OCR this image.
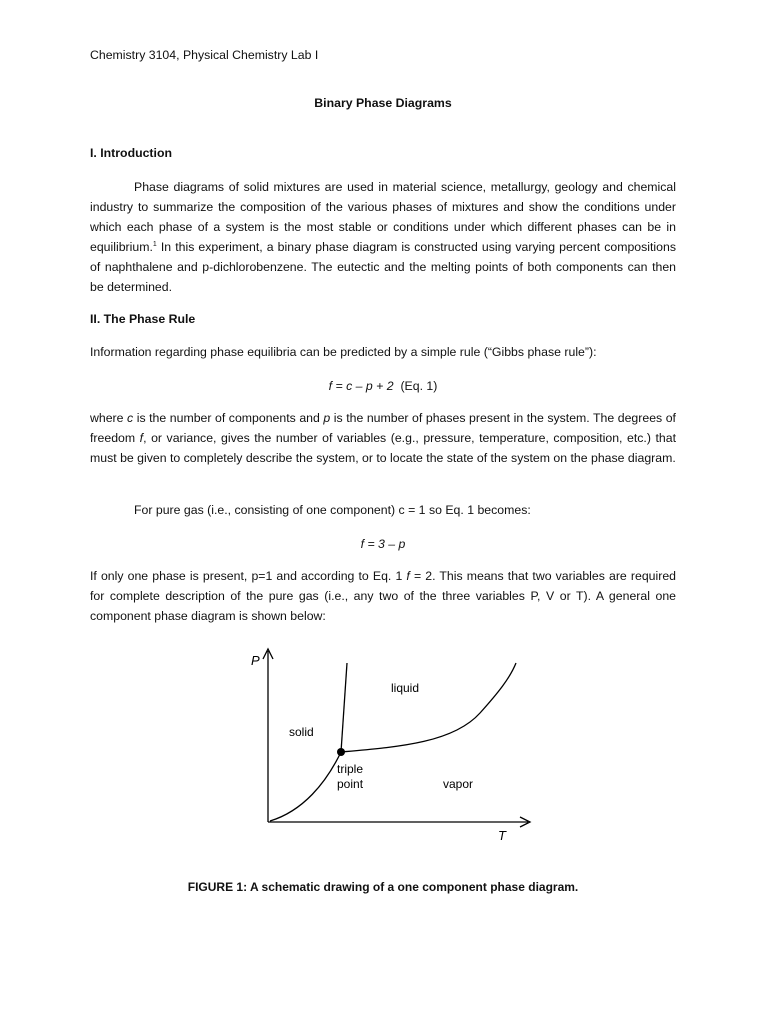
Chemistry 3104, Physical Chemistry Lab I
Binary Phase Diagrams
I. Introduction

Phase diagrams of solid mixtures are used in material science, metallurgy, geology and chemical industry to summarize the composition of the various phases of mixtures and show the conditions under which each phase of a system is the most stable or conditions under which different phases can be in equilibrium.$^1$ In this experiment, a binary phase diagram is constructed using varying percent compositions of naphthalene and p-dichlorobenzene. The eutectic and the melting points of both components can then be determined.

II. The Phase Rule

Information regarding phase equilibria can be predicted by a simple rule (“Gibbs phase rule”):

f = c – p + 2 (Eq. 1)

where c is the number of components and p is the number of phases present in the system. The degrees of freedom f, or variance, gives the number of variables (e.g., pressure, temperature, composition, etc.) that must be given to completely describe the system, or to locate the state of the system on the phase diagram.

For pure gas (i.e., consisting of one component) c = 1 so Eq. 1 becomes:

f = 3 – p

If only one phase is present, p=1 and according to Eq. 1 f = 2. This means that two variables are required for complete description of the pure gas (i.e., any two of the three variables P, V or T). A general one component phase diagram is shown below:

P
T
liquid
solid
triple
point	vapor
FIGURE 1: A schematic drawing of a one component phase diagram.
